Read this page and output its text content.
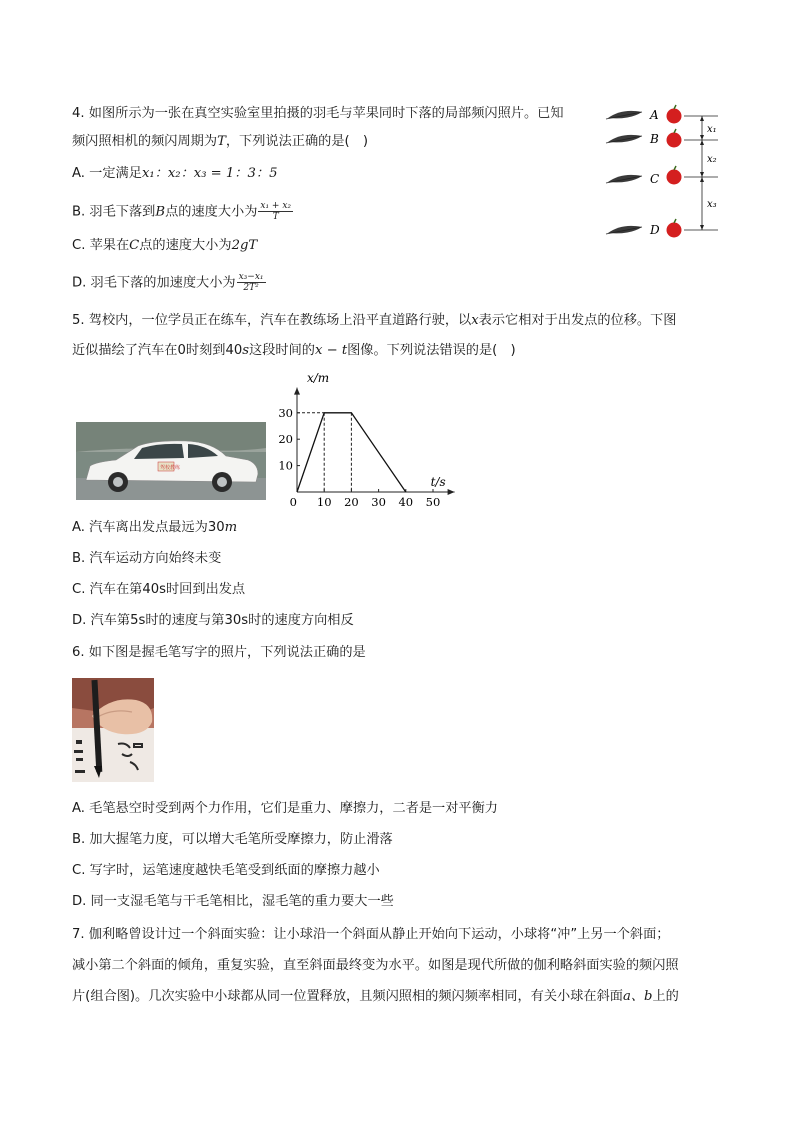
4. 如图所示为一张在真空实验室里拍摄的羽毛与苹果同时下落的局部频闪照片。已知
频闪照相机的频闪周期为T，下列说法正确的是(　)
A. 一定满足x₁：x₂：x₃ = 1：3：5
B. 羽毛下落到B点的速度大小为 $\frac{\text{x₁ + x₂}}{T}$
C. 苹果在C点的速度大小为2gT
D. 羽毛下落的加速度大小为 $\frac{\text{x₃−x₁}}{\text{2T²}}$
A
B
C
D
x₁
x₂
x₃
5. 驾校内，一位学员正在练车，汽车在教练场上沿平直道路行驶，以x表示它相对于出发点的位移。下图
近似描绘了汽车在0时刻到40s这段时间的x − t图像。下列说法错误的是(　)
驾校教练
x/m
t/s
0 10 20 30 40 50
10
20
30
A. 汽车离出发点最远为30m
B. 汽车运动方向始终未变
C. 汽车在第40s时回到出发点
D. 汽车第5s时的速度与第30s时的速度方向相反
6. 如下图是握毛笔写字的照片，下列说法正确的是
A. 毛笔悬空时受到两个力作用，它们是重力、摩擦力，二者是一对平衡力
B. 加大握笔力度，可以增大毛笔所受摩擦力，防止滑落
C. 写字时，运笔速度越快毛笔受到纸面的摩擦力越小
D. 同一支湿毛笔与干毛笔相比，湿毛笔的重力要大一些
7. 伽利略曾设计过一个斜面实验：让小球沿一个斜面从静止开始向下运动，小球将“冲”上另一个斜面；
减小第二个斜面的倾角，重复实验，直至斜面最终变为水平。如图是现代所做的伽利略斜面实验的频闪照
片(组合图)。几次实验中小球都从同一位置释放，且频闪照相的频闪频率相同，有关小球在斜面a、b上的
